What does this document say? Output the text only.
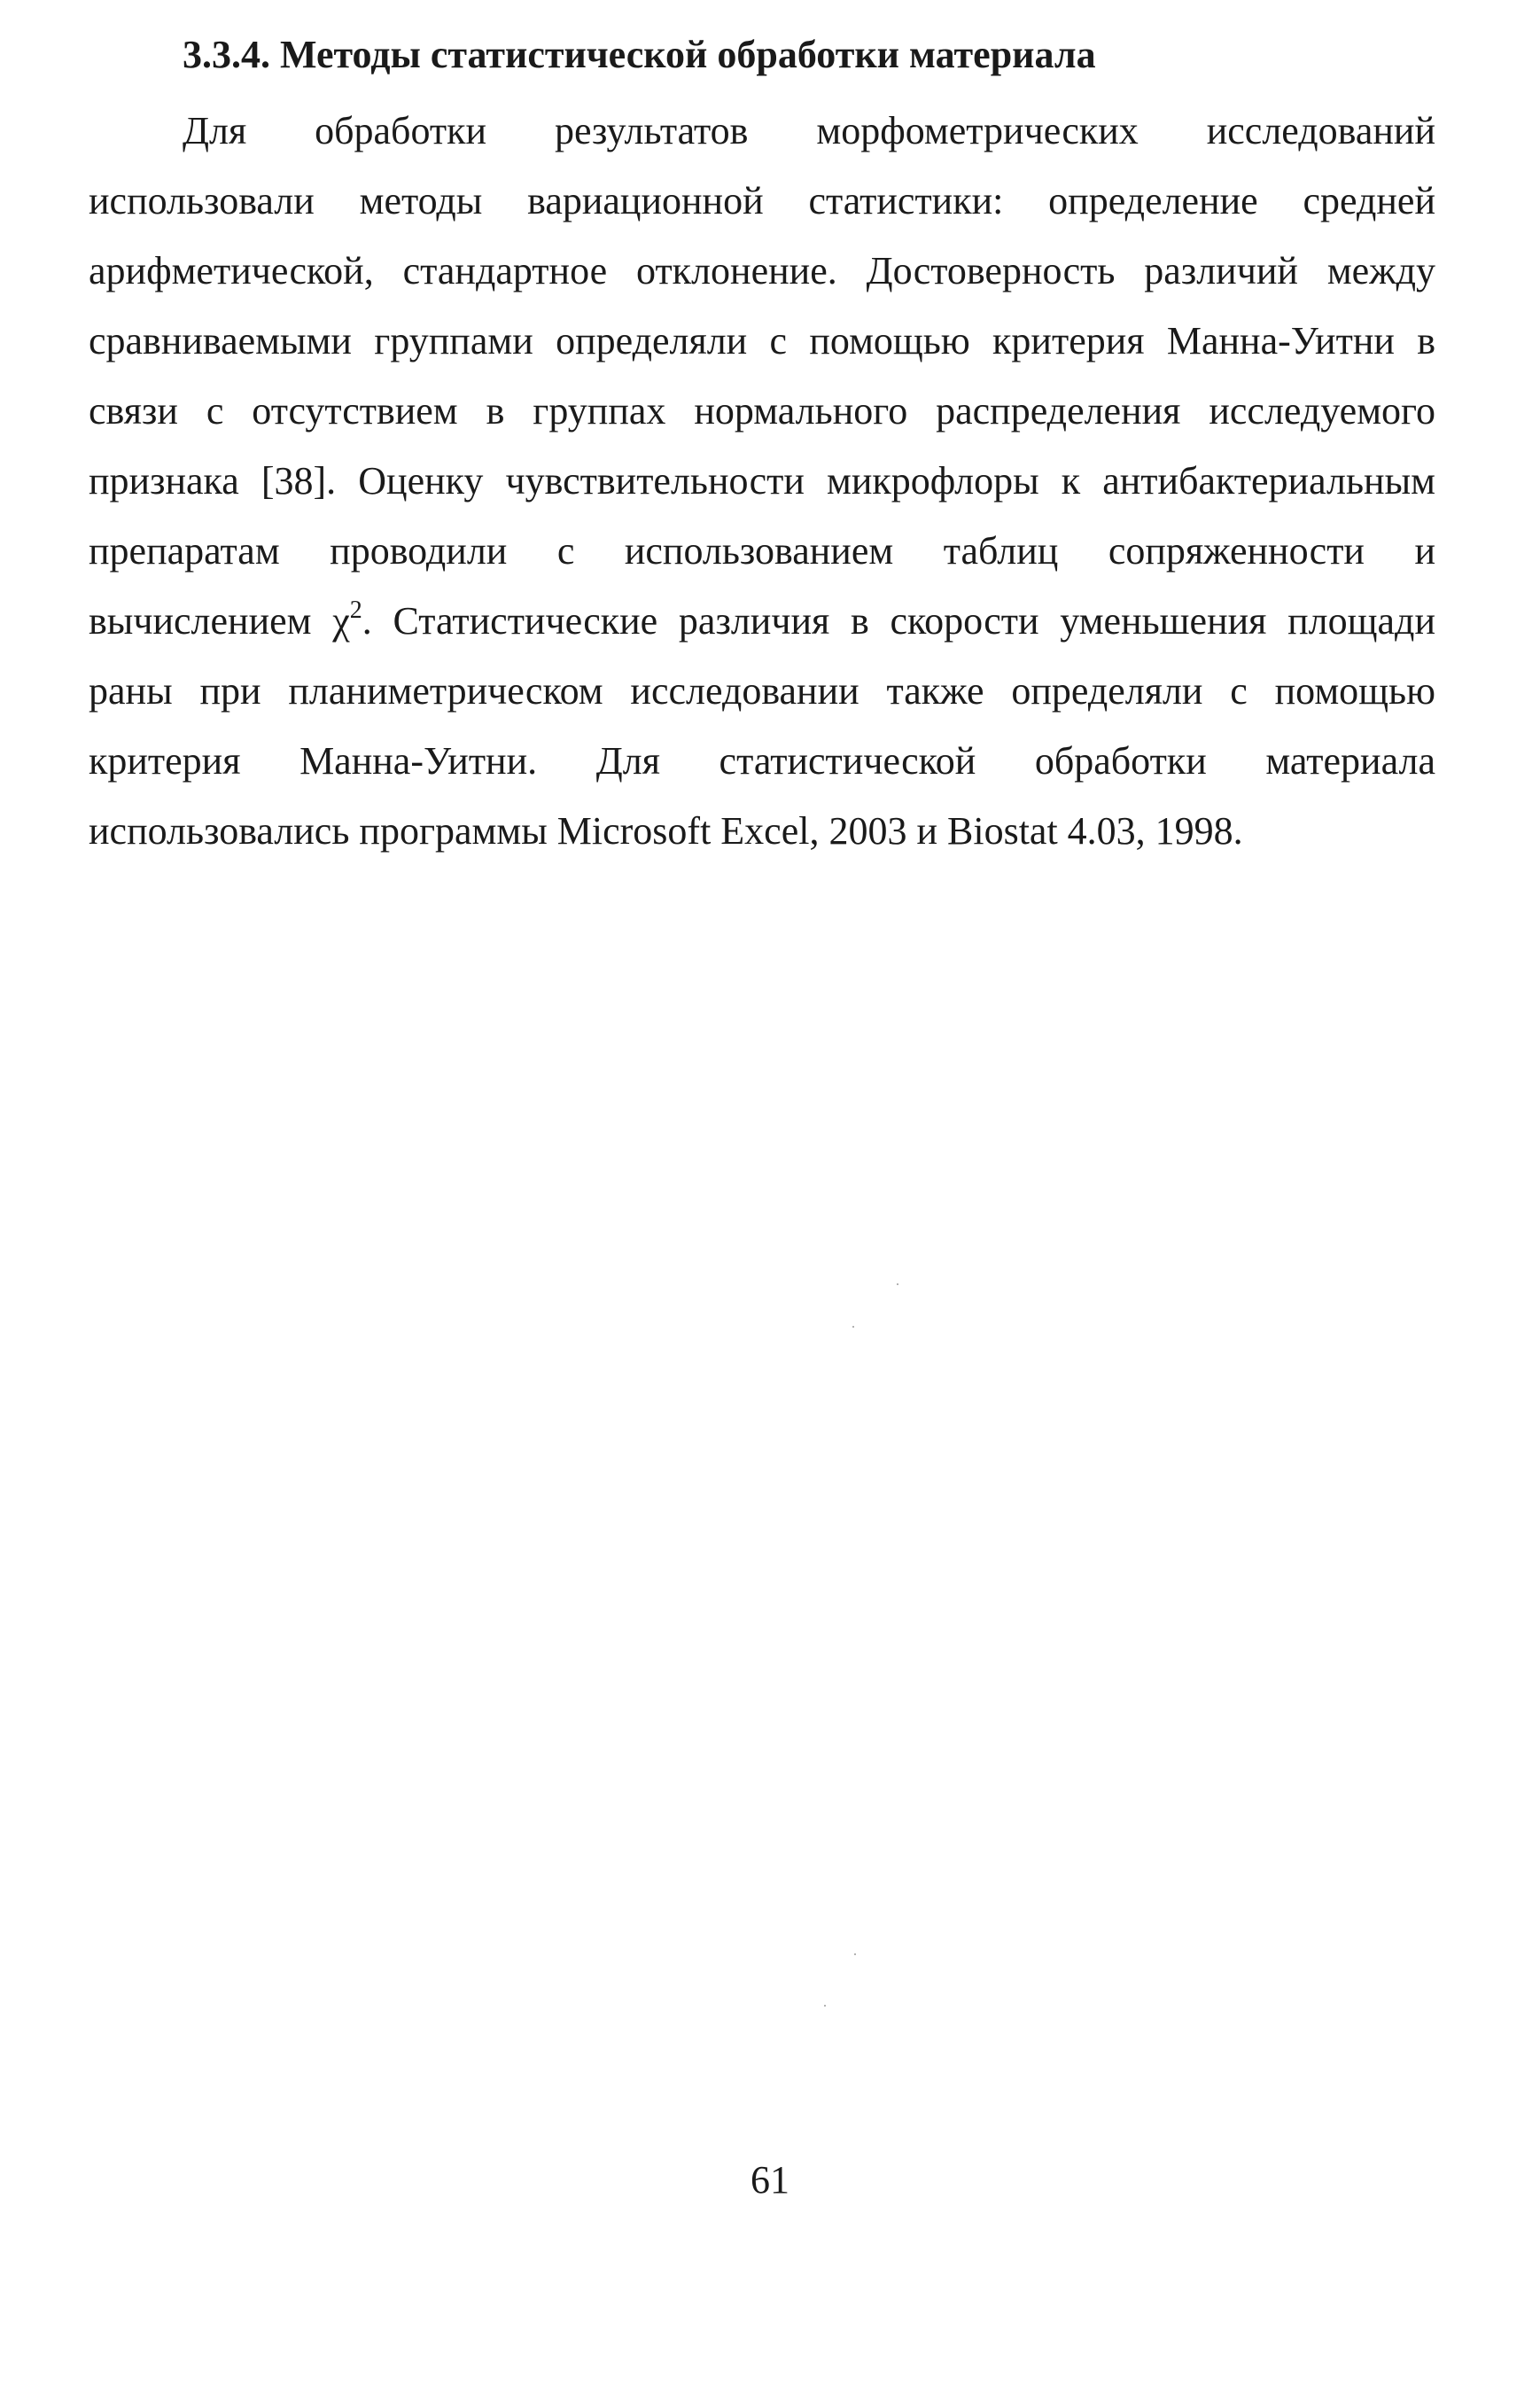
3.3.4. Методы статистической обработки материала
Для обработки результатов морфометрических исследований
использовали методы вариационной статистики: определение средней
арифметической, стандартное отклонение. Достоверность различий между
сравниваемыми группами определяли с помощью критерия Манна-Уитни в
связи с отсутствием в группах нормального распределения исследуемого
признака [38]. Оценку чувствительности микрофлоры к антибактериальным
препаратам проводили с использованием таблиц сопряженности и
вычислением $\chi^2$. Статистические различия в скорости уменьшения площади
раны при планиметрическом исследовании также определяли с помощью
критерия Манна-Уитни. Для статистической обработки материала
использовались программы Microsoft Excel, 2003 и Biostat 4.03, 1998.
61
